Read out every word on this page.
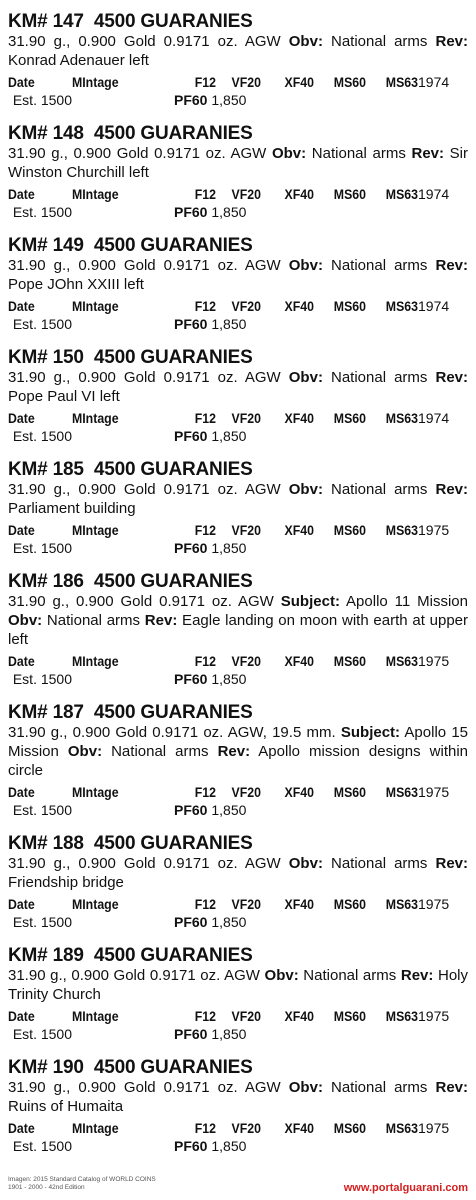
KM# 147  4500 GUARANIES
31.90 g., 0.900 Gold 0.9171 oz. AGW Obv: National arms Rev: Konrad Adenauer left
Date	MIntage	F12	VF20	XF40	MS60	MS63 1974
Est. 1500	PF60 1,850
KM# 148  4500 GUARANIES
31.90 g., 0.900 Gold 0.9171 oz. AGW Obv: National arms Rev: Sir Winston Churchill left
Date	MIntage	F12	VF20	XF40	MS60	MS63 1974
Est. 1500	PF60 1,850
KM# 149  4500 GUARANIES
31.90 g., 0.900 Gold 0.9171 oz. AGW Obv: National arms Rev: Pope JOhn XXIII left
Date	MIntage	F12	VF20	XF40	MS60	MS63 1974
Est. 1500	PF60 1,850
KM# 150  4500 GUARANIES
31.90 g., 0.900 Gold 0.9171 oz. AGW Obv: National arms Rev: Pope Paul VI left
Date	MIntage	F12	VF20	XF40	MS60	MS63 1974
Est. 1500	PF60 1,850
KM# 185  4500 GUARANIES
31.90 g., 0.900 Gold 0.9171 oz. AGW Obv: National arms Rev: Parliament building
Date	MIntage	F12	VF20	XF40	MS60	MS63 1975
Est. 1500	PF60 1,850
KM# 186  4500 GUARANIES
31.90 g., 0.900 Gold 0.9171 oz. AGW Subject: Apollo 11 Mission Obv: National arms Rev: Eagle landing on moon with earth at upper left
Date	MIntage	F12	VF20	XF40	MS60	MS63 1975
Est. 1500	PF60 1,850
KM# 187  4500 GUARANIES
31.90 g., 0.900 Gold 0.9171 oz. AGW, 19.5 mm. Subject: Apollo 15 Mission Obv: National arms Rev: Apollo mission designs within circle
Date	MIntage	F12	VF20	XF40	MS60	MS63 1975
Est. 1500	PF60 1,850
KM# 188  4500 GUARANIES
31.90 g., 0.900 Gold 0.9171 oz. AGW Obv: National arms Rev: Friendship bridge
Date	MIntage	F12	VF20	XF40	MS60	MS63 1975
Est. 1500	PF60 1,850
KM# 189  4500 GUARANIES
31.90 g., 0.900 Gold 0.9171 oz. AGW Obv: National arms Rev: Holy Trinity Church
Date	MIntage	F12	VF20	XF40	MS60	MS63 1975
Est. 1500	PF60 1,850
KM# 190  4500 GUARANIES
31.90 g., 0.900 Gold 0.9171 oz. AGW Obv: National arms Rev: Ruins of Humaita
Date	MIntage	F12	VF20	XF40	MS60	MS63 1975
Est. 1500	PF60 1,850
Imagen: 2015 Standard Catalog of WORLD COINS
1901 - 2000 - 42nd Edition	www.portalguarani.com
